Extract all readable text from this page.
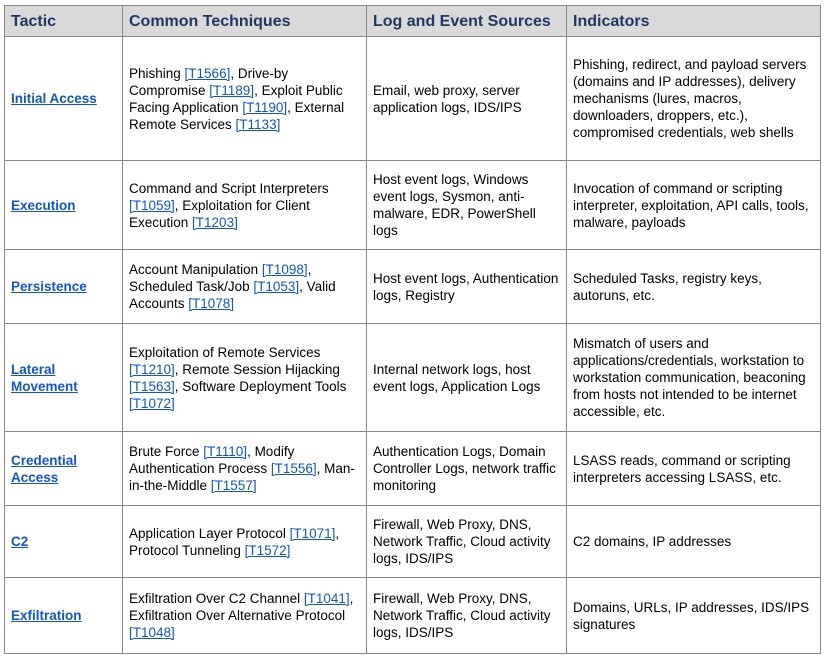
Tactic	Common Techniques	Log and Event Sources	Indicators
Initial Access	Phishing [T1566], Drive-by Compromise [T1189], Exploit Public Facing Application [T1190], External Remote Services [T1133]	Email, web proxy, server application logs, IDS/IPS	Phishing, redirect, and payload servers (domains and IP addresses), delivery mechanisms (lures, macros, downloaders, droppers, etc.), compromised credentials, web shells
Execution	Command and Script Interpreters [T1059], Exploitation for Client Execution [T1203]	Host event logs, Windows event logs, Sysmon, anti-malware, EDR, PowerShell logs	Invocation of command or scripting interpreter, exploitation, API calls, tools, malware, payloads
Persistence	Account Manipulation [T1098], Scheduled Task/Job [T1053], Valid Accounts [T1078]	Host event logs, Authentication logs, Registry	Scheduled Tasks, registry keys, autoruns, etc.
Lateral Movement	Exploitation of Remote Services [T1210], Remote Session Hijacking [T1563], Software Deployment Tools [T1072]	Internal network logs, host event logs, Application Logs	Mismatch of users and applications/credentials, workstation to workstation communication, beaconing from hosts not intended to be internet accessible, etc.
Credential Access	Brute Force [T1110], Modify Authentication Process [T1556], Man-in-the-Middle [T1557]	Authentication Logs, Domain Controller Logs, network traffic monitoring	LSASS reads, command or scripting interpreters accessing LSASS, etc.
C2	Application Layer Protocol [T1071], Protocol Tunneling [T1572]	Firewall, Web Proxy, DNS, Network Traffic, Cloud activity logs, IDS/IPS	C2 domains, IP addresses
Exfiltration	Exfiltration Over C2 Channel [T1041], Exfiltration Over Alternative Protocol [T1048]	Firewall, Web Proxy, DNS, Network Traffic, Cloud activity logs, IDS/IPS	Domains, URLs, IP addresses, IDS/IPS signatures
